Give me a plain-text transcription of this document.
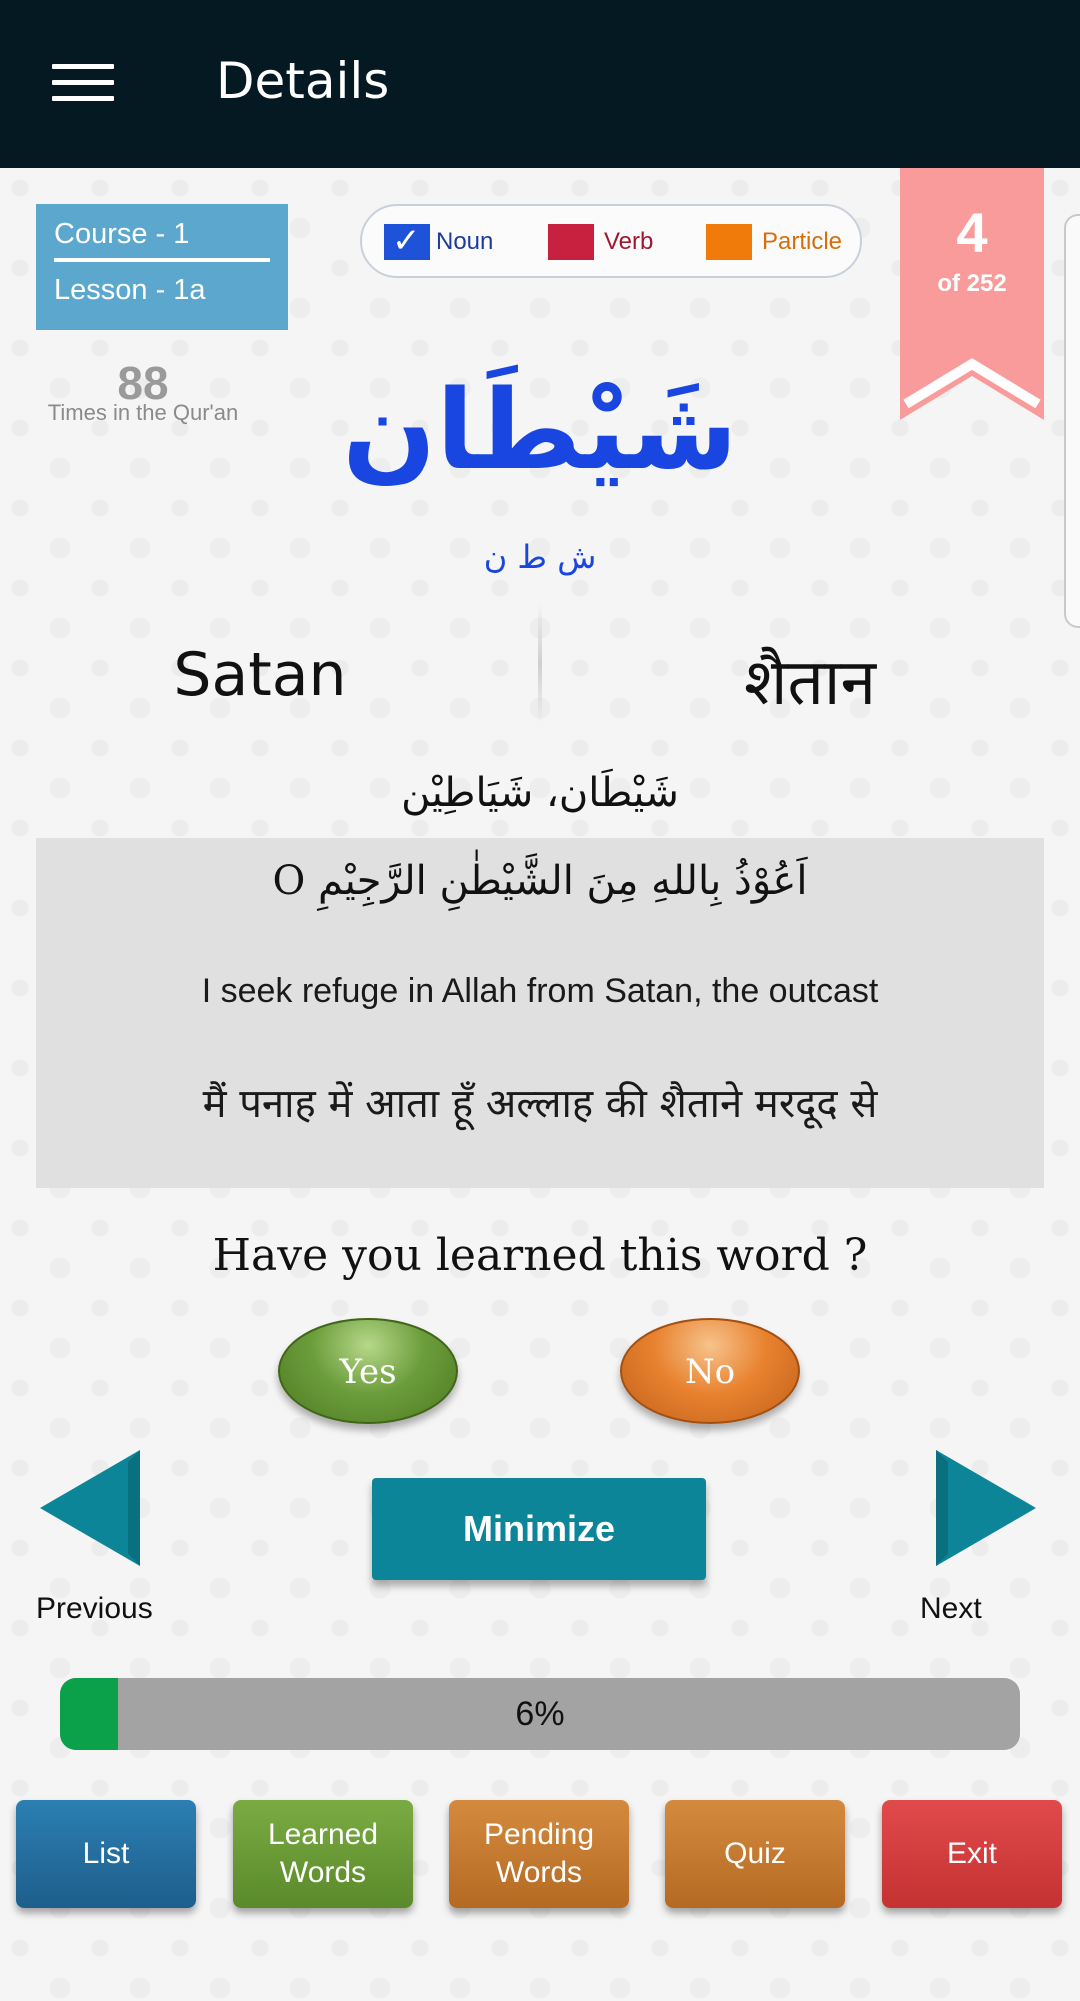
Details
Course - 1
Lesson - 1a
✓
Noun	Verb	Particle	4
of 252
88
Times in the Qur'an شَيْطَان
ش ط ن
Satan	शैतान
شَيْطَان، شَيَاطِيْن
اَعُوْذُ بِاللهِ مِنَ الشَّيْطٰنِ الرَّجِيْمِ O
I seek refuge in Allah from Satan, the outcast
मैं पनाह में आता हूँ अल्लाह की शैताने मरदूद से
Have you learned this word ?
Yes	No
Previous	Next
Minimize
6%
List
Learned
Words
Pending
Words
Quiz	Exit
